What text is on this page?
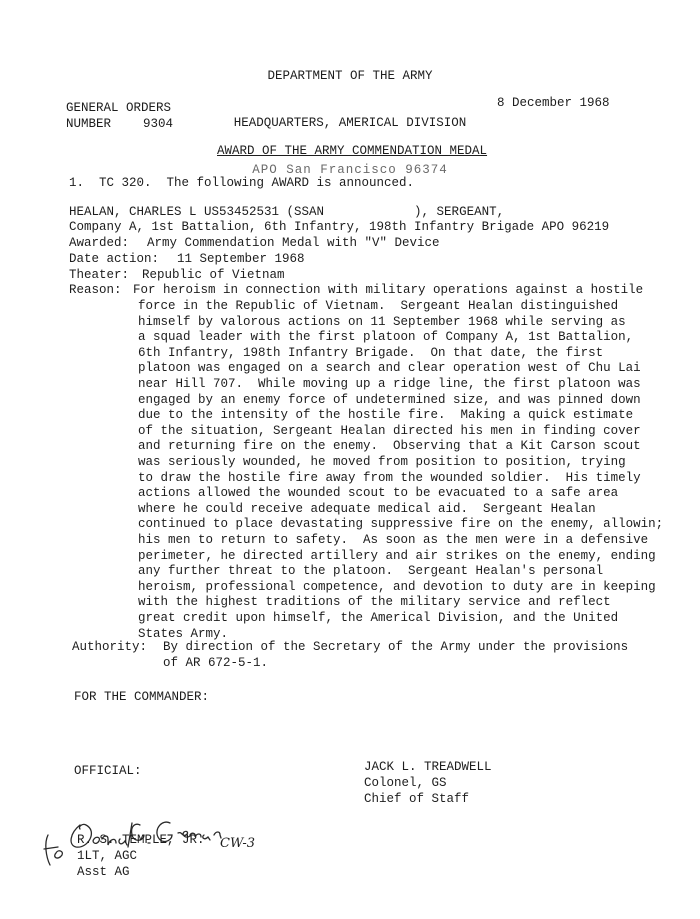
DEPARTMENT OF THE ARMY

HEADQUARTERS, AMERICAL DIVISION

APO San Francisco 96374

GENERAL ORDERS
NUMBER	9304
8 December 1968
AWARD OF THE ARMY COMMENDATION MEDAL
1.  TC 320.  The following AWARD is announced.
HEALAN, CHARLES L US53452531 (SSAN            ), SERGEANT,
Company A, 1st Battalion, 6th Infantry, 198th Infantry Brigade APO 96219
Awarded: Army Commendation Medal with "V" Device
Date action: 11 September 1968
Theater: Republic of Vietnam
Reason: For heroism in connection with military operations against a hostile
force in the Republic of Vietnam.  Sergeant Healan distinguished
himself by valorous actions on 11 September 1968 while serving as
a squad leader with the first platoon of Company A, 1st Battalion,
6th Infantry, 198th Infantry Brigade.  On that date, the first
platoon was engaged on a search and clear operation west of Chu Lai
near Hill 707.  While moving up a ridge line, the first platoon was
engaged by an enemy force of undetermined size, and was pinned down
due to the intensity of the hostile fire.  Making a quick estimate
of the situation, Sergeant Healan directed his men in finding cover
and returning fire on the enemy.  Observing that a Kit Carson scout
was seriously wounded, he moved from position to position, trying
to draw the hostile fire away from the wounded soldier.  His timely
actions allowed the wounded scout to be evacuated to a safe area
where he could receive adequate medical aid.  Sergeant Healan
continued to place devastating suppressive fire on the enemy, allowin;
his men to return to safety.  As soon as the men were in a defensive
perimeter, he directed artillery and air strikes on the enemy, ending
any further threat to the platoon.  Sergeant Healan's personal
heroism, professional competence, and devotion to duty are in keeping
with the highest traditions of the military service and reflect
great credit upon himself, the Americal Division, and the United
States Army.
Authority: By direction of the Secretary of the Army under the provisions
of AR 672-5-1.
FOR THE COMMANDER:
OFFICIAL:	JACK L. TREADWELL
Colonel, GS
Chief of Staff
R. S. TEMPLE, JR. CW-3
1LT, AGC
Asst AG
